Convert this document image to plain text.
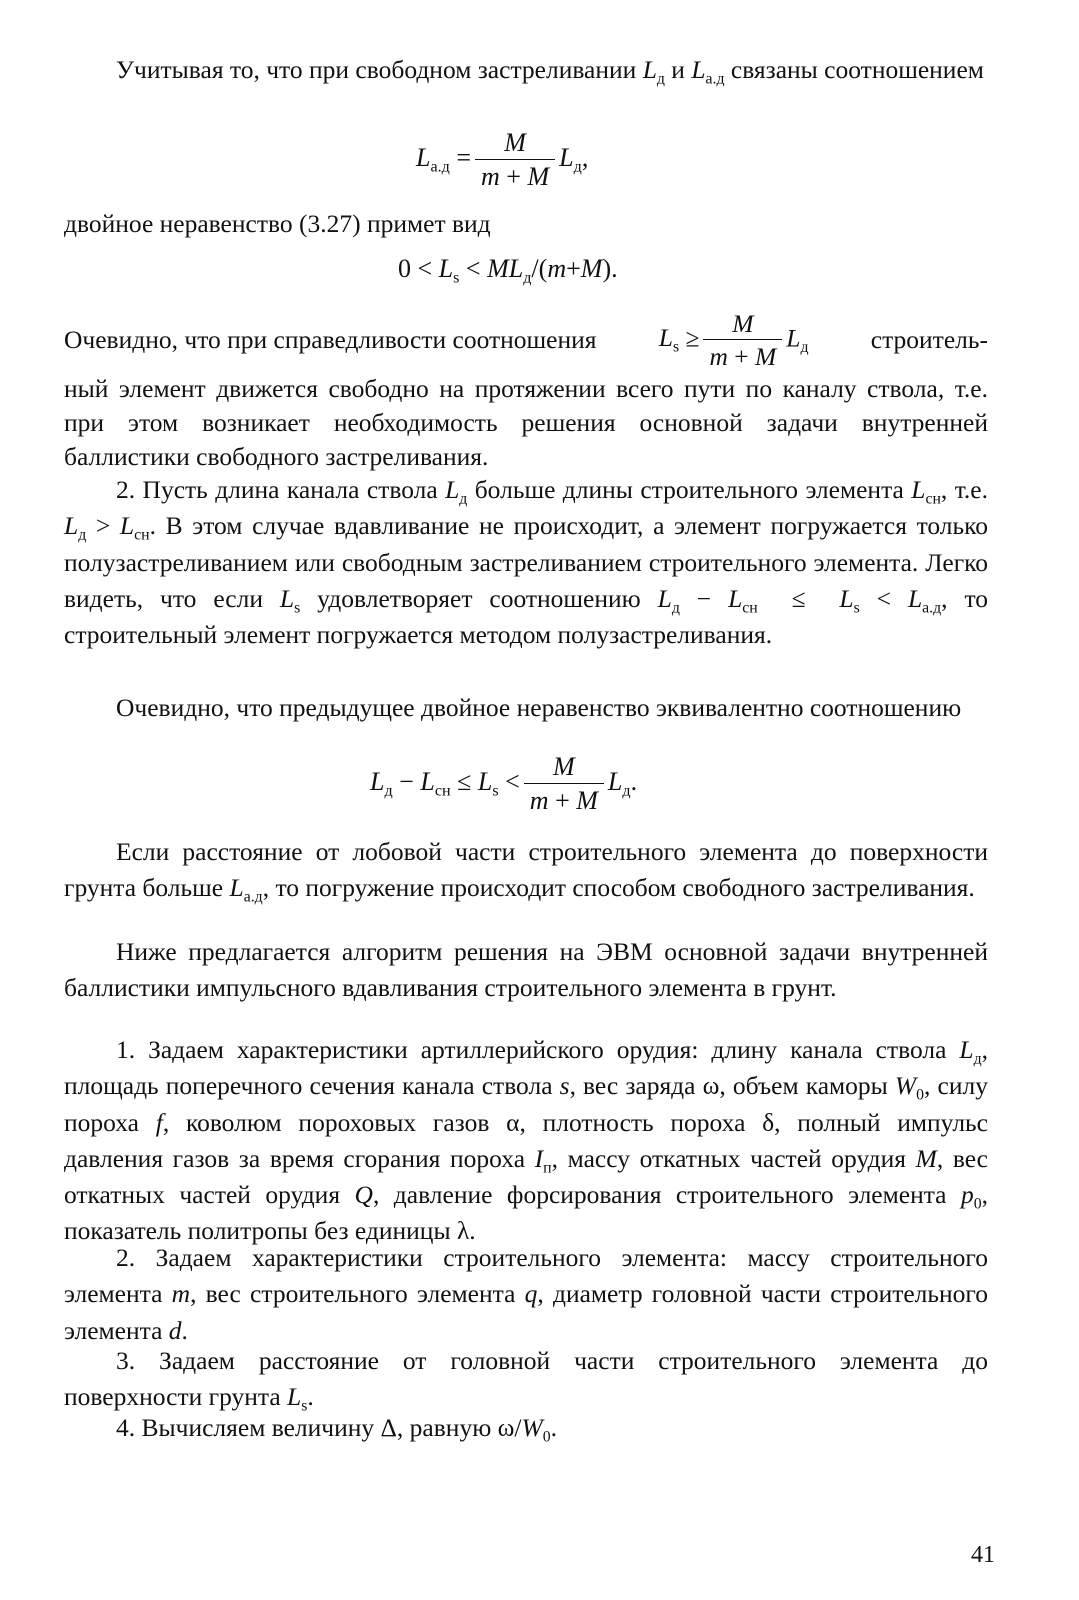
Учитывая то, что при свободном застреливании $L_д$ и $L_{а.д}$ связаны соотношением

$L_{а.д} = \frac{M}{m + M} L_д$,

двойное неравенство (3.27) примет вид

$0 < L_s < ML_д/(m+M)$.
Очевидно, что при справедливости соотношения $L_s \ge \frac{M}{m + M} L_д$ строитель-
ный элемент движется свободно на протяжении всего пути по каналу ствола, т.е. при этом возникает необходимость решения основной задачи внутренней баллистики свободного застреливания.

2. Пусть длина канала ствола $L_д$ больше длины строительного элемента $L_{сн}$, т.е. $L_д > L_{сн}$. В этом случае вдавливание не происходит, а элемент погружается только полузастреливанием или свободным застреливанием строительного элемента. Легко видеть, что если $L_s$ удовлетворяет соотношению $L_д - L_{сн} \le L_s < L_{а.д}$, то строительный элемент погружается методом полузастреливания.

Очевидно, что предыдущее двойное неравенство эквивалентно соотношению

$L_д - L_{сн} \le L_s < \frac{M}{m + M} L_д$.

Если расстояние от лобовой части строительного элемента до поверхности грунта больше $L_{а.д}$, то погружение происходит способом свободного застреливания.

Ниже предлагается алгоритм решения на ЭВМ основной задачи внутренней баллистики импульсного вдавливания строительного элемента в грунт.

1. Задаем характеристики артиллерийского орудия: длину канала ствола $L_д$, площадь поперечного сечения канала ствола s, вес заряда ω, объем каморы $W_0$, силу пороха f, коволюм пороховых газов α, плотность пороха δ, полный импульс давления газов за время сгорания пороха $I_п$, массу откатных частей орудия M, вес откатных частей орудия Q, давление форсирования строительного элемента $p_0$, показатель политропы без единицы λ.

2. Задаем характеристики строительного элемента: массу строительного элемента m, вес строительного элемента q, диаметр головной части строительного элемента d.

3. Задаем расстояние от головной части строительного элемента до поверхности грунта $L_s$.

4. Вычисляем величину Δ, равную $\omega/W_0$.

41
